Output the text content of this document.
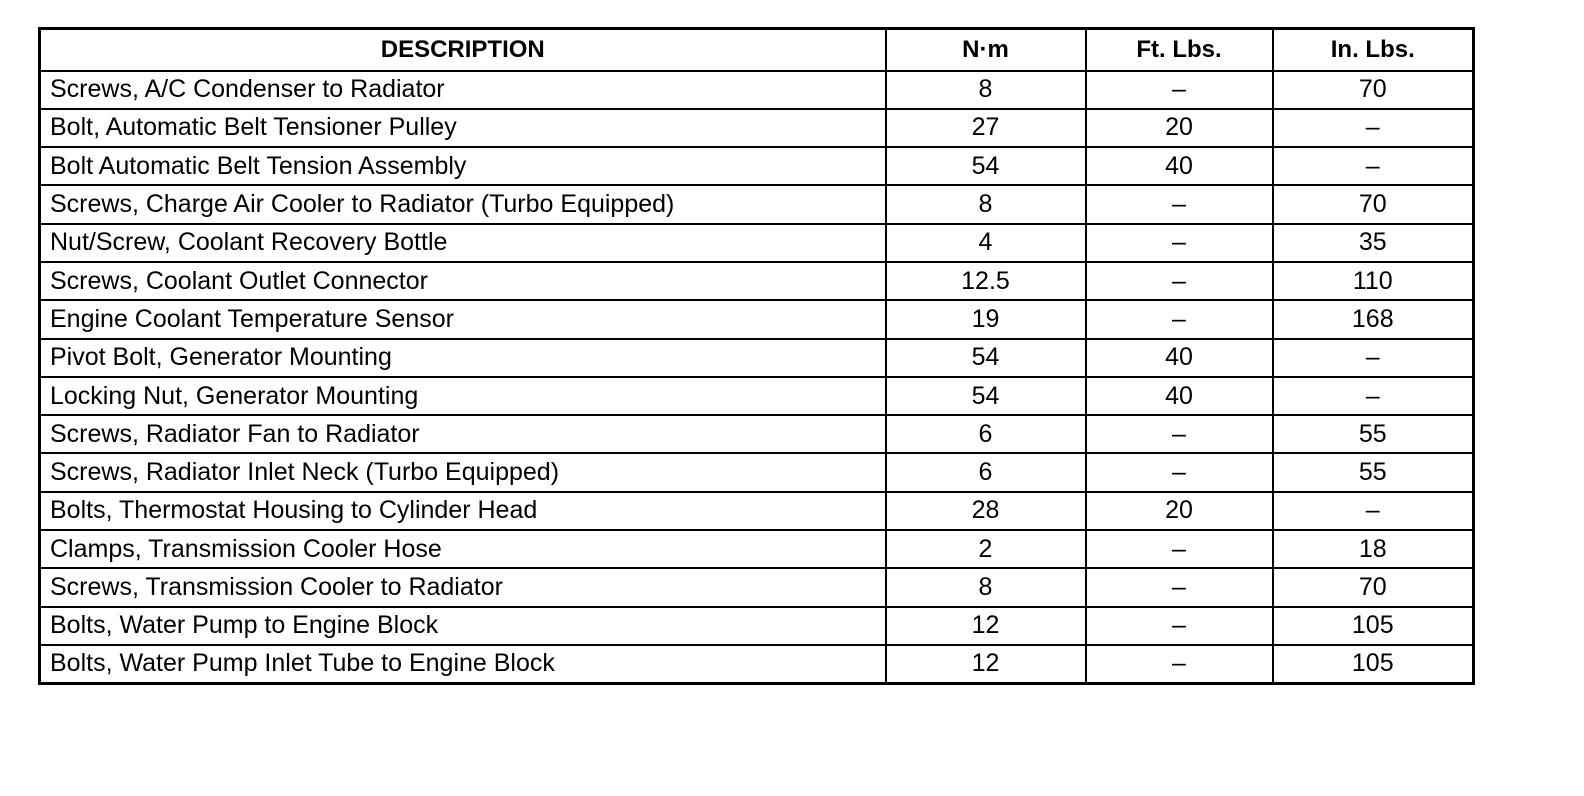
DESCRIPTION	N·m	Ft. Lbs.	In. Lbs.
Screws, A/C Condenser to Radiator	8	–	70
Bolt, Automatic Belt Tensioner Pulley	27	20	–
Bolt Automatic Belt Tension Assembly	54	40	–
Screws, Charge Air Cooler to Radiator (Turbo Equipped)	8	–	70
Nut/Screw, Coolant Recovery Bottle	4	–	35
Screws, Coolant Outlet Connector	12.5	–	110
Engine Coolant Temperature Sensor	19	–	168
Pivot Bolt, Generator Mounting	54	40	–
Locking Nut, Generator Mounting	54	40	–
Screws, Radiator Fan to Radiator	6	–	55
Screws, Radiator Inlet Neck (Turbo Equipped)	6	–	55
Bolts, Thermostat Housing to Cylinder Head	28	20	–
Clamps, Transmission Cooler Hose	2	–	18
Screws, Transmission Cooler to Radiator	8	–	70
Bolts, Water Pump to Engine Block	12	–	105
Bolts, Water Pump Inlet Tube to Engine Block	12	–	105
